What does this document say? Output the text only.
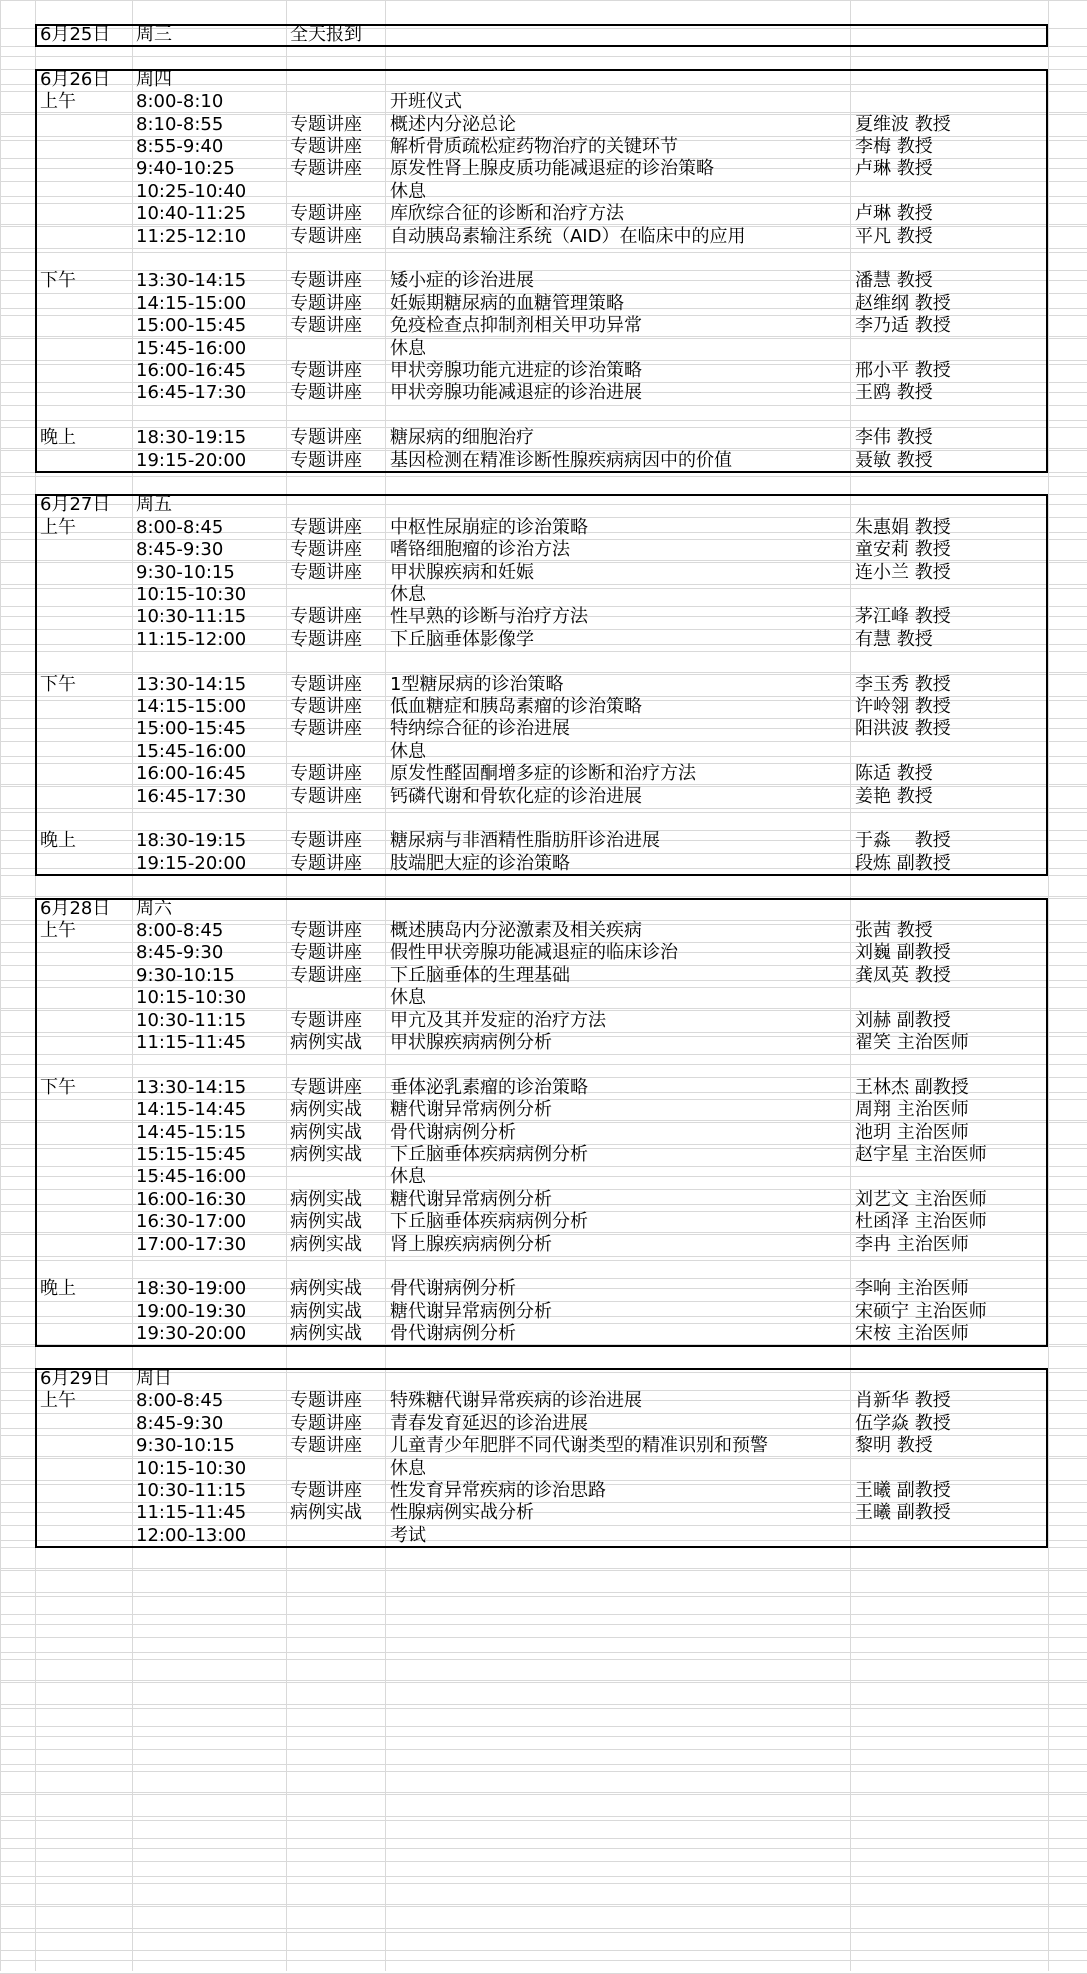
6月25日 周三	全天报到
6月26日 周四
上午	8:00-8:10	开班仪式
8:10-8:55	专题讲座 概述内分泌总论	夏维波 教授
8:55-9:40	专题讲座 解析骨质疏松症药物治疗的关键环节	李梅 教授
9:40-10:25	专题讲座 原发性肾上腺皮质功能减退症的诊治策略	卢琳 教授
10:25-10:40	休息
10:40-11:25 专题讲座 库欣综合征的诊断和治疗方法	卢琳 教授
11:25-12:10 专题讲座 自动胰岛素输注系统（AID）在临床中的应用	平凡 教授
下午	13:30-14:15 专题讲座 矮小症的诊治进展	潘慧 教授
14:15-15:00 专题讲座 妊娠期糖尿病的血糖管理策略	赵维纲 教授
15:00-15:45 专题讲座 免疫检查点抑制剂相关甲功异常	李乃适 教授
15:45-16:00	休息
16:00-16:45 专题讲座 甲状旁腺功能亢进症的诊治策略	邢小平 教授
16:45-17:30 专题讲座 甲状旁腺功能减退症的诊治进展	王鸥 教授
晚上	18:30-19:15 专题讲座 糖尿病的细胞治疗	李伟 教授
19:15-20:00 专题讲座 基因检测在精准诊断性腺疾病病因中的价值	聂敏 教授
6月27日 周五
上午	8:00-8:45	专题讲座 中枢性尿崩症的诊治策略	朱惠娟 教授
8:45-9:30	专题讲座 嗜铬细胞瘤的诊治方法	童安莉 教授
9:30-10:15	专题讲座 甲状腺疾病和妊娠	连小兰 教授
10:15-10:30	休息
10:30-11:15 专题讲座 性早熟的诊断与治疗方法	茅江峰 教授
11:15-12:00 专题讲座 下丘脑垂体影像学	有慧 教授
下午	13:30-14:15 专题讲座 1型糖尿病的诊治策略	李玉秀 教授
14:15-15:00 专题讲座 低血糖症和胰岛素瘤的诊治策略	许岭翎 教授
15:00-15:45 专题讲座 特纳综合征的诊治进展	阳洪波 教授
15:45-16:00	休息
16:00-16:45 专题讲座 原发性醛固酮增多症的诊断和治疗方法	陈适 教授
16:45-17:30 专题讲座 钙磷代谢和骨软化症的诊治进展	姜艳 教授
晚上	18:30-19:15 专题讲座 糖尿病与非酒精性脂肪肝诊治进展	于淼　 教授
19:15-20:00 专题讲座 肢端肥大症的诊治策略	段炼 副教授
6月28日 周六
上午	8:00-8:45	专题讲座 概述胰岛内分泌激素及相关疾病	张茜 教授
8:45-9:30	专题讲座 假性甲状旁腺功能减退症的临床诊治	刘巍 副教授
9:30-10:15	专题讲座 下丘脑垂体的生理基础	龚凤英 教授
10:15-10:30	休息
10:30-11:15 专题讲座 甲亢及其并发症的治疗方法	刘赫 副教授
11:15-11:45 病例实战 甲状腺疾病病例分析	翟笑 主治医师
下午	13:30-14:15 专题讲座 垂体泌乳素瘤的诊治策略	王林杰 副教授
14:15-14:45 病例实战 糖代谢异常病例分析	周翔 主治医师
14:45-15:15 病例实战 骨代谢病例分析	池玥 主治医师
15:15-15:45 病例实战 下丘脑垂体疾病病例分析	赵宇星 主治医师
15:45-16:00	休息
16:00-16:30 病例实战 糖代谢异常病例分析	刘艺文 主治医师
16:30-17:00 病例实战 下丘脑垂体疾病病例分析	杜函泽 主治医师
17:00-17:30 病例实战 肾上腺疾病病例分析	李冉 主治医师
晚上	18:30-19:00 病例实战 骨代谢病例分析	李响 主治医师
19:00-19:30 病例实战 糖代谢异常病例分析	宋硕宁 主治医师
19:30-20:00 病例实战 骨代谢病例分析	宋桉 主治医师
6月29日 周日
上午	8:00-8:45	专题讲座 特殊糖代谢异常疾病的诊治进展	肖新华 教授
8:45-9:30	专题讲座 青春发育延迟的诊治进展	伍学焱 教授
9:30-10:15	专题讲座 儿童青少年肥胖不同代谢类型的精准识别和预警	黎明 教授
10:15-10:30	休息
10:30-11:15 专题讲座 性发育异常疾病的诊治思路	王曦 副教授
11:15-11:45 病例实战 性腺病例实战分析	王曦 副教授
12:00-13:00	考试
